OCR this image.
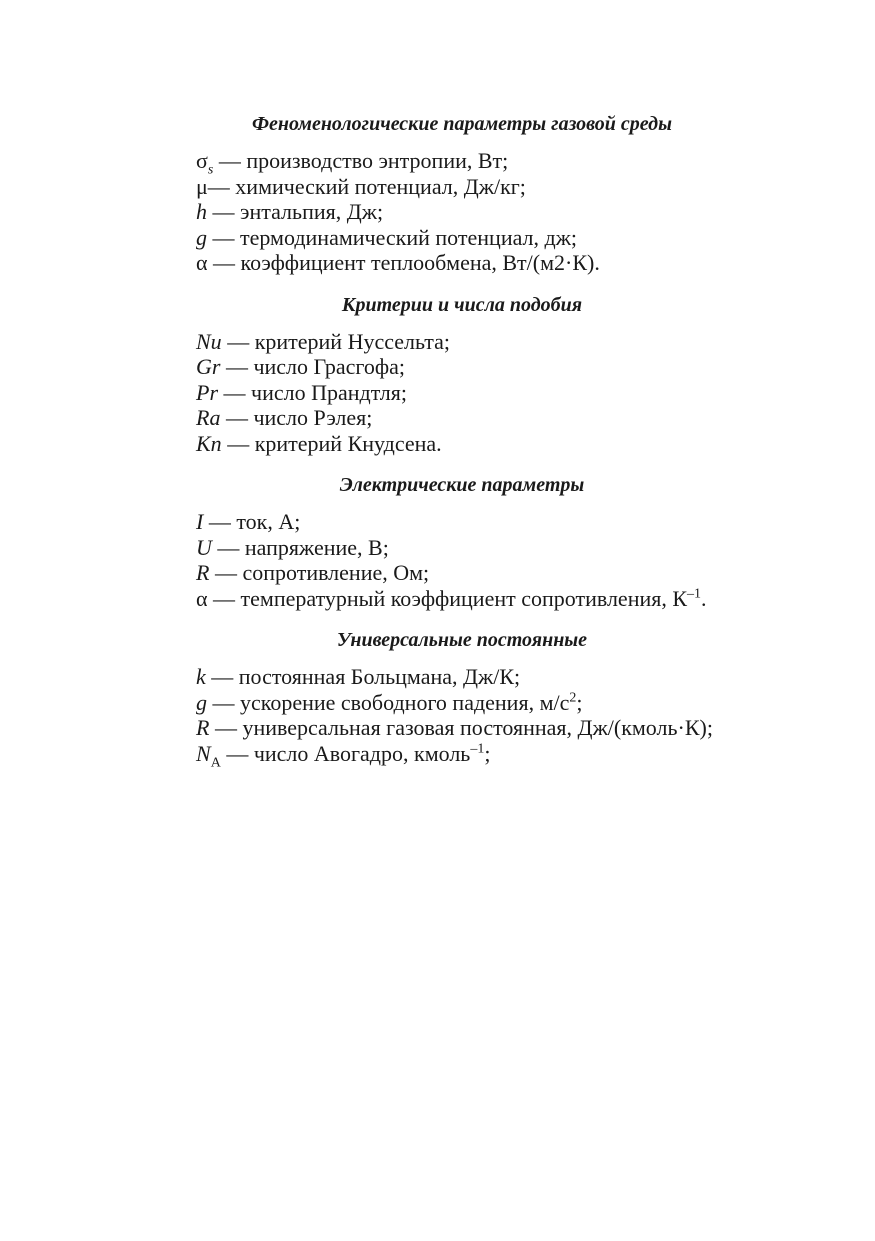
Феноменологические параметры газовой среды

$\sigma_s$ — производство энтропии, Вт;

μ— химический потенциал, Дж/кг;

h — энтальпия, Дж;

g — термодинамический потенциал, дж;

α — коэффициент теплообмена, Вт/(м2·К).

Критерии и числа подобия

Nu — критерий Нуссельта;

Gr — число Грасгофа;

Pr — число Прандтля;

Ra — число Рэлея;

Kn — критерий Кнудсена.

Электрические параметры

I — ток, А;

U — напряжение, В;

R — сопротивление, Ом;

α — температурный коэффициент сопротивления, $К^{-1}$.

Универсальные постоянные

k — постоянная Больцмана, Дж/К;

g — ускорение свободного падения, $м/с^2$;

R — универсальная газовая постоянная, Дж/(кмоль·К);

$N_A$ — число Авогадро, кмоль$^{-1}$;
